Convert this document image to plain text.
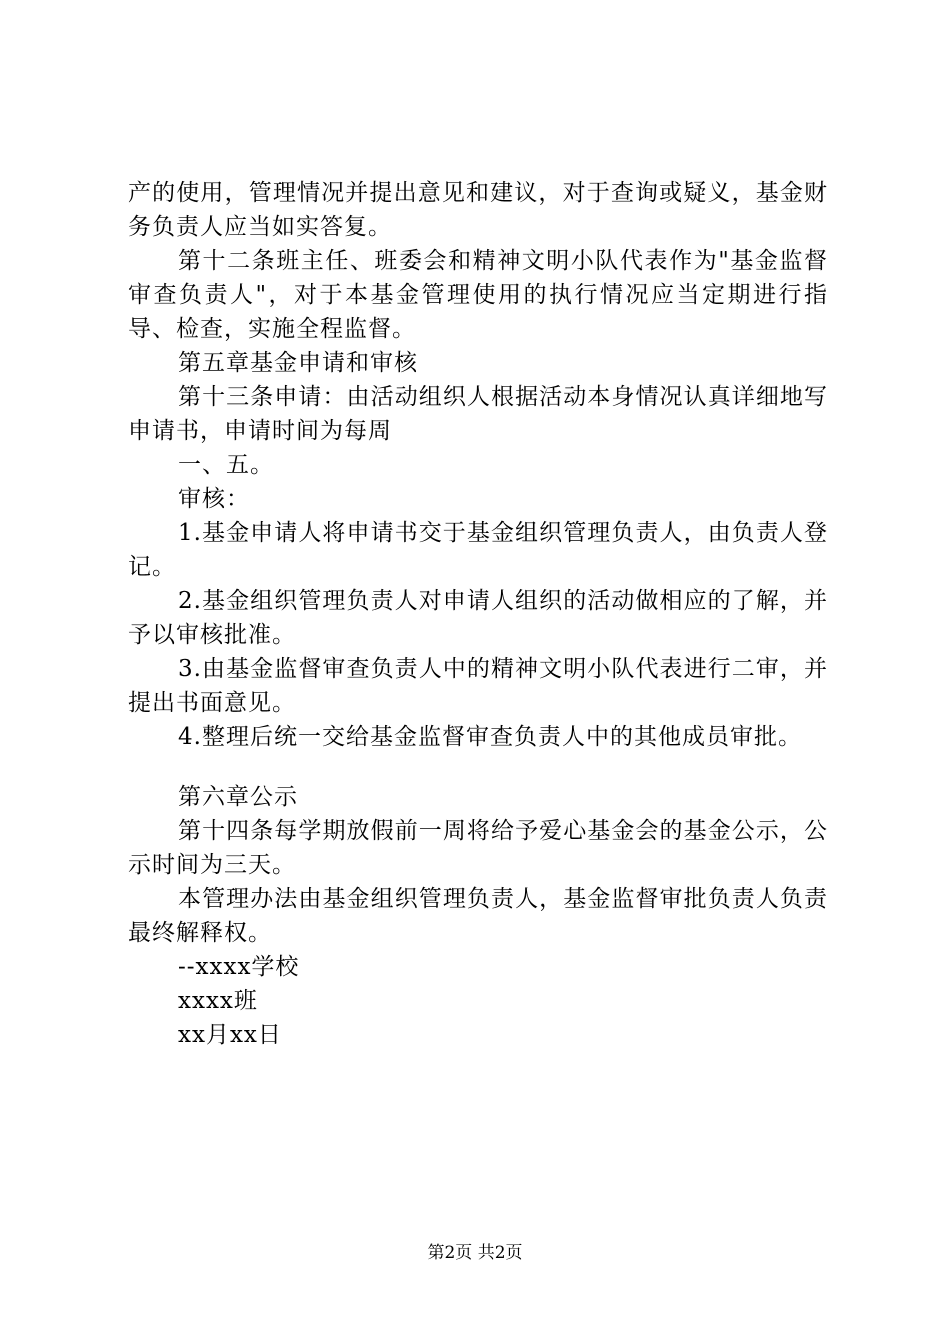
产的使用，管理情况并提出意见和建议，对于查询或疑义，基金财务负责人应当如实答复。

第十二条班主任、班委会和精神文明小队代表作为"基金监督审查负责人"，对于本基金管理使用的执行情况应当定期进行指导、检查，实施全程监督。

第五章基金申请和审核

第十三条申请：由活动组织人根据活动本身情况认真详细地写申请书，申请时间为每周

一、五。

审核：

1.基金申请人将申请书交于基金组织管理负责人，由负责人登记。

2.基金组织管理负责人对申请人组织的活动做相应的了解，并予以审核批准。

3.由基金监督审查负责人中的精神文明小队代表进行二审，并提出书面意见。

4.整理后统一交给基金监督审查负责人中的其他成员审批。

第六章公示

第十四条每学期放假前一周将给予爱心基金会的基金公示，公示时间为三天。

本管理办法由基金组织管理负责人，基金监督审批负责人负责最终解释权。

--xxxx学校

xxxx班

xx月xx日

第2页 共2页
